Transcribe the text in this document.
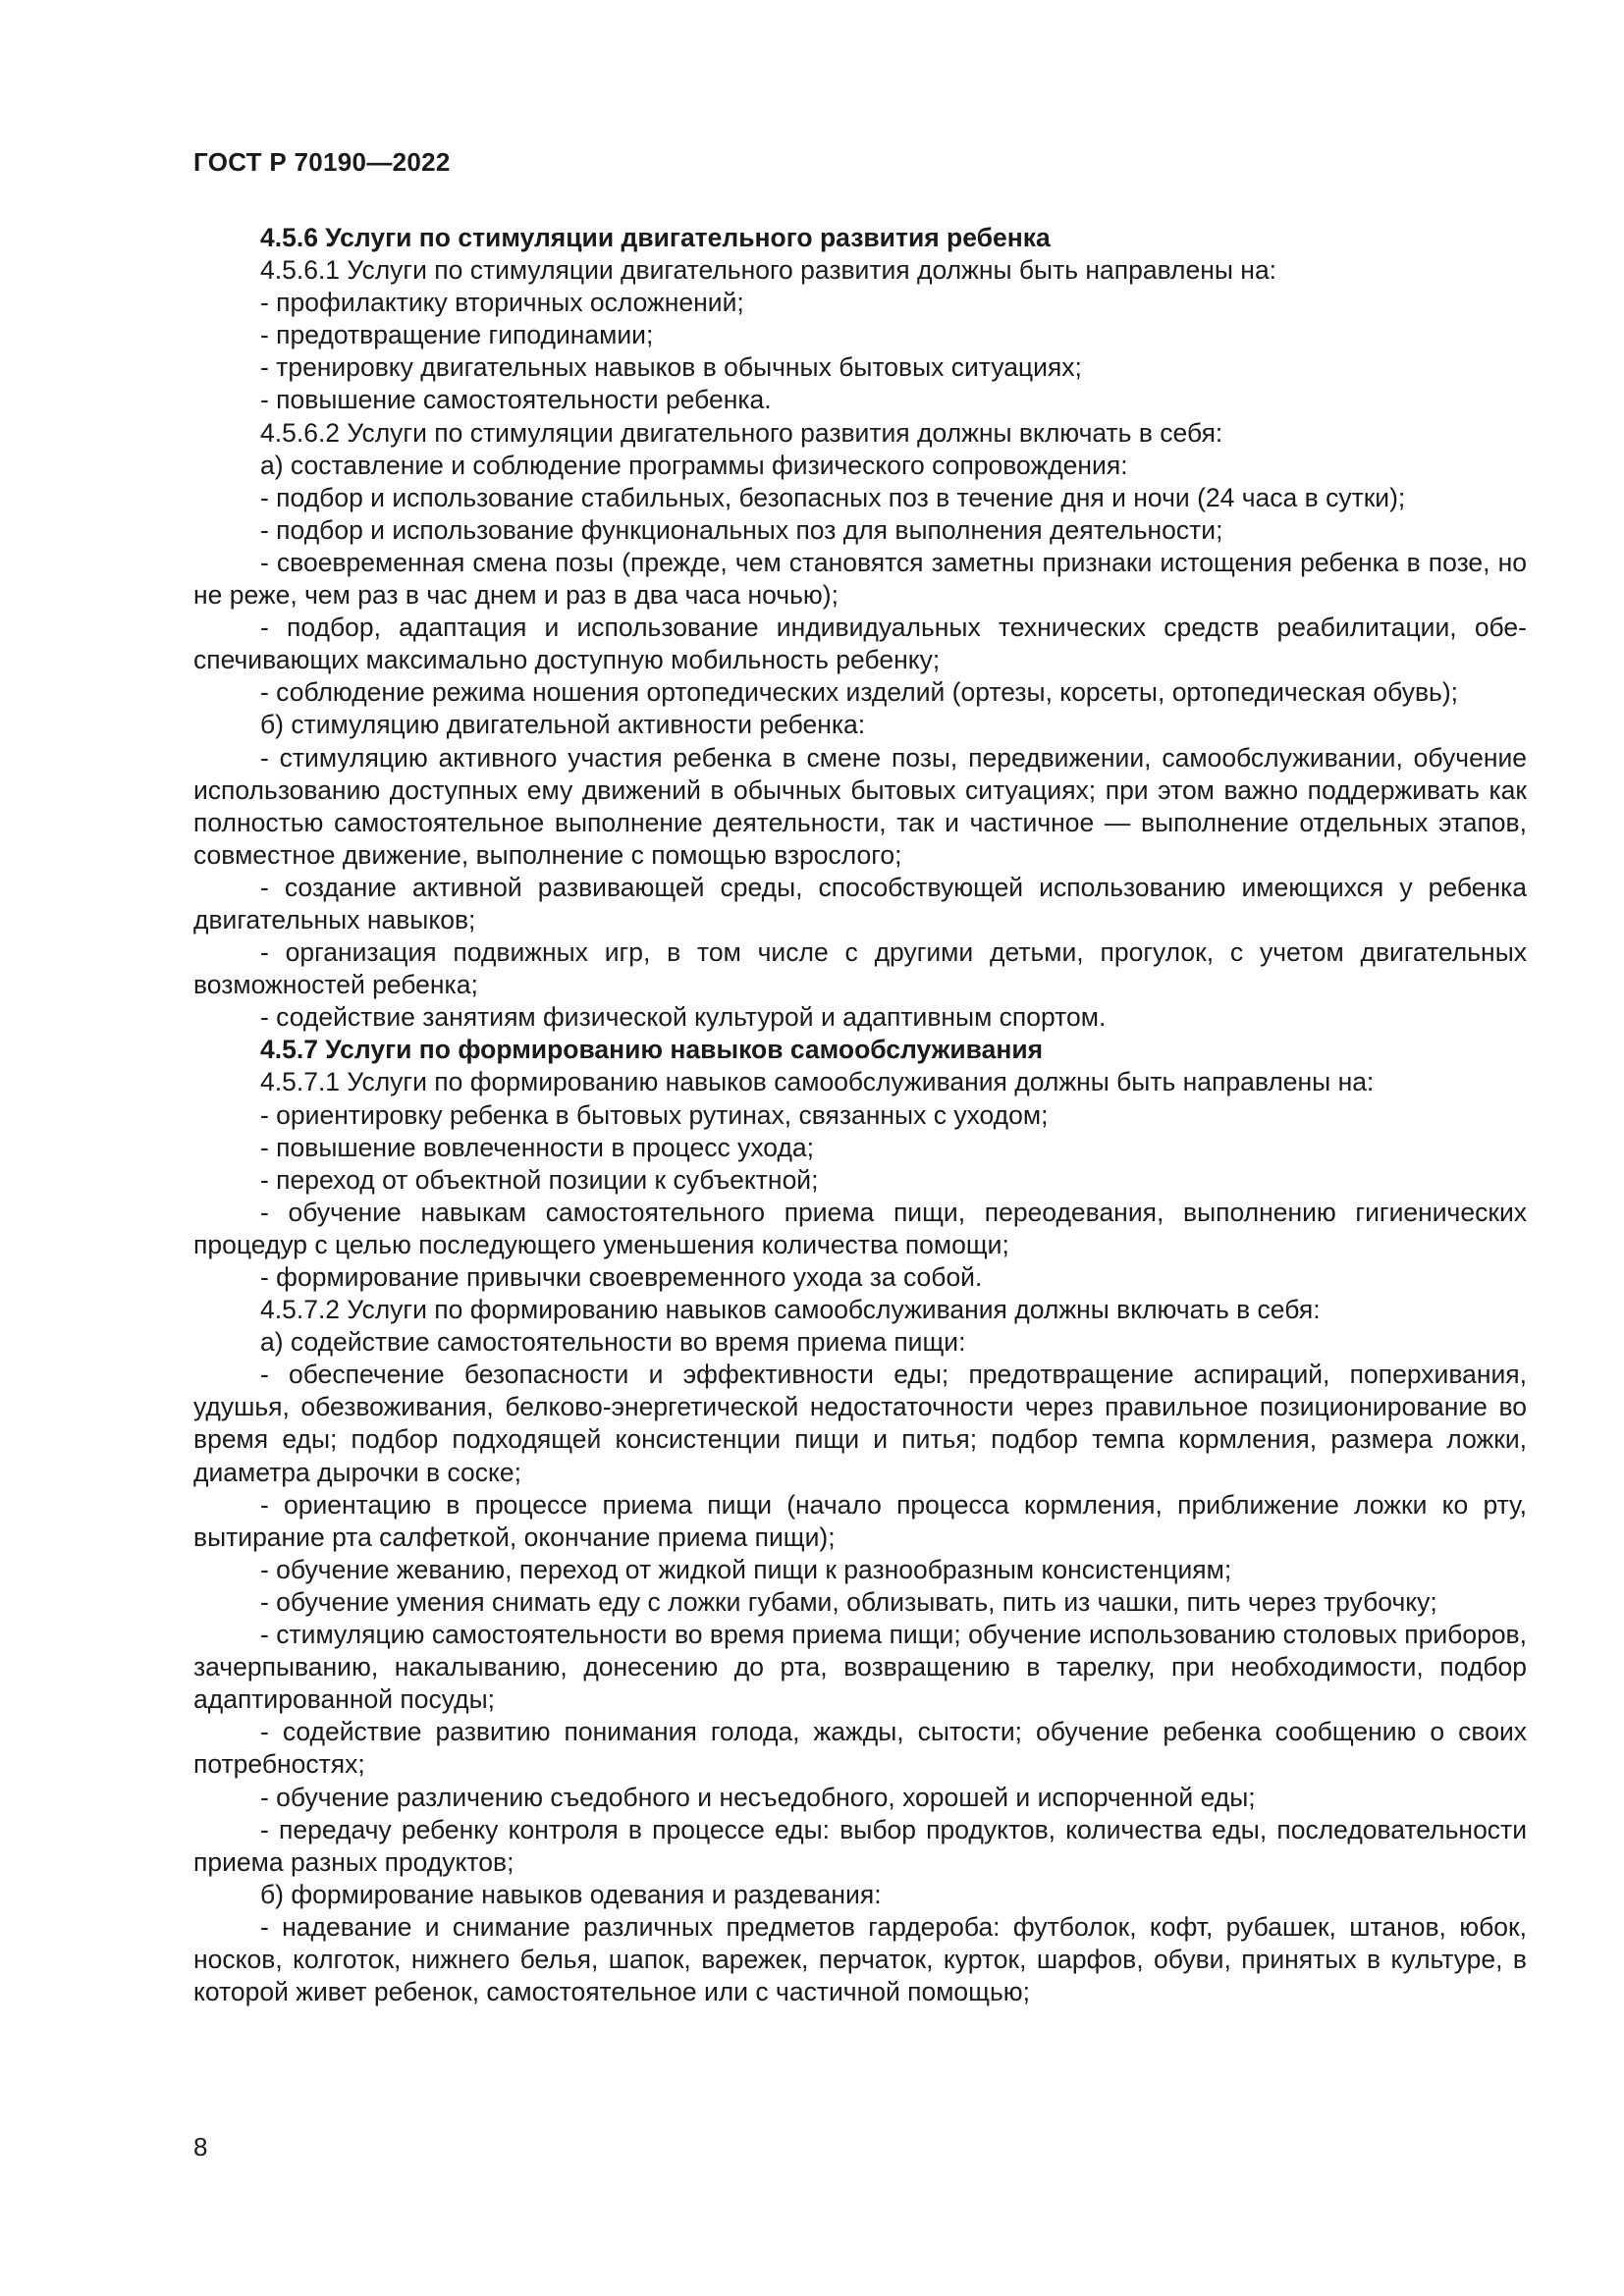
ГОСТ Р 70190—2022

4.5.6 Услуги по стимуляции двигательного развития ребенка

4.5.6.1 Услуги по стимуляции двигательного развития должны быть направлены на:

- профилактику вторичных осложнений;

- предотвращение гиподинамии;

- тренировку двигательных навыков в обычных бытовых ситуациях;

- повышение самостоятельности ребенка.

4.5.6.2 Услуги по стимуляции двигательного развития должны включать в себя:

а) составление и соблюдение программы физического сопровождения:

- подбор и использование стабильных, безопасных поз в течение дня и ночи (24 часа в сутки);

- подбор и использование функциональных поз для выполнения деятельности;

- своевременная смена позы (прежде, чем становятся заметны признаки истощения ребенка в позе, но не реже, чем раз в час днем и раз в два часа ночью);

- подбор, адаптация и использование индивидуальных технических средств реабилитации, обеспечивающих максимально доступную мобильность ребенку;

- соблюдение режима ношения ортопедических изделий (ортезы, корсеты, ортопедическая обувь);

б) стимуляцию двигательной активности ребенка:

- стимуляцию активного участия ребенка в смене позы, передвижении, самообслуживании, обучение использованию доступных ему движений в обычных бытовых ситуациях; при этом важно поддерживать как полностью самостоятельное выполнение деятельности, так и частичное — выполнение отдельных этапов, совместное движение, выполнение с помощью взрослого;

- создание активной развивающей среды, способствующей использованию имеющихся у ребенка двигательных навыков;

- организация подвижных игр, в том числе с другими детьми, прогулок, с учетом двигательных возможностей ребенка;

- содействие занятиям физической культурой и адаптивным спортом.

4.5.7 Услуги по формированию навыков самообслуживания

4.5.7.1 Услуги по формированию навыков самообслуживания должны быть направлены на:

- ориентировку ребенка в бытовых рутинах, связанных с уходом;

- повышение вовлеченности в процесс ухода;

- переход от объектной позиции к субъектной;

- обучение навыкам самостоятельного приема пищи, переодевания, выполнению гигиенических процедур с целью последующего уменьшения количества помощи;

- формирование привычки своевременного ухода за собой.

4.5.7.2 Услуги по формированию навыков самообслуживания должны включать в себя:

а) содействие самостоятельности во время приема пищи:

- обеспечение безопасности и эффективности еды; предотвращение аспираций, поперхивания, удушья, обезвоживания, белково-энергетической недостаточности через правильное позиционирование во время еды; подбор подходящей консистенции пищи и питья; подбор темпа кормления, размера ложки, диаметра дырочки в соске;

- ориентацию в процессе приема пищи (начало процесса кормления, приближение ложки ко рту, вытирание рта салфеткой, окончание приема пищи);

- обучение жеванию, переход от жидкой пищи к разнообразным консистенциям;

- обучение умения снимать еду с ложки губами, облизывать, пить из чашки, пить через трубочку;

- стимуляцию самостоятельности во время приема пищи; обучение использованию столовых приборов, зачерпыванию, накалыванию, донесению до рта, возвращению в тарелку, при необходимости, подбор адаптированной посуды;

- содействие развитию понимания голода, жажды, сытости; обучение ребенка сообщению о своих потребностях;

- обучение различению съедобного и несъедобного, хорошей и испорченной еды;

- передачу ребенку контроля в процессе еды: выбор продуктов, количества еды, последовательности приема разных продуктов;

б) формирование навыков одевания и раздевания:

- надевание и снимание различных предметов гардероба: футболок, кофт, рубашек, штанов, юбок, носков, колготок, нижнего белья, шапок, варежек, перчаток, курток, шарфов, обуви, принятых в культуре, в которой живет ребенок, самостоятельное или с частичной помощью;

8
